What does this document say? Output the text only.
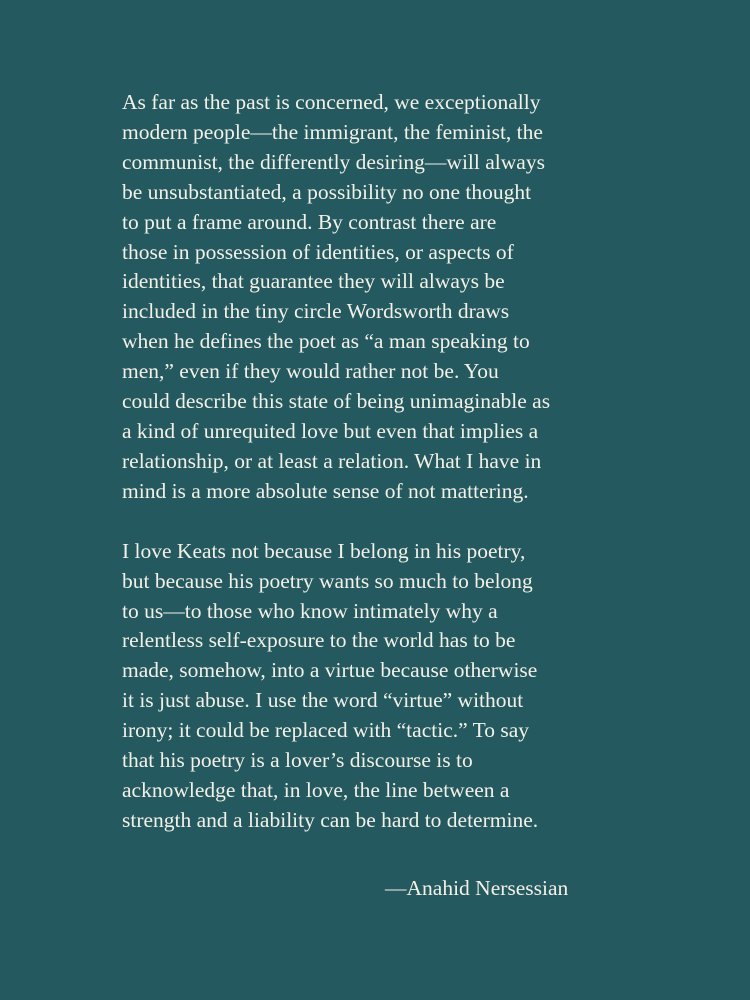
As far as the past is concerned, we exceptionally
modern people—the immigrant, the feminist, the
communist, the differently desiring—will always
be unsubstantiated, a possibility no one thought
to put a frame around. By contrast there are
those in possession of identities, or aspects of
identities, that guarantee they will always be
included in the tiny circle Wordsworth draws
when he defines the poet as “a man speaking to
men,” even if they would rather not be. You
could describe this state of being unimaginable as
a kind of unrequited love but even that implies a
relationship, or at least a relation. What I have in
mind is a more absolute sense of not mattering.

I love Keats not because I belong in his poetry,
but because his poetry wants so much to belong
to us—to those who know intimately why a
relentless self-exposure to the world has to be
made, somehow, into a virtue because otherwise
it is just abuse. I use the word “virtue” without
irony; it could be replaced with “tactic.” To say
that his poetry is a lover’s discourse is to
acknowledge that, in love, the line between a
strength and a liability can be hard to determine.

—Anahid Nersessian
